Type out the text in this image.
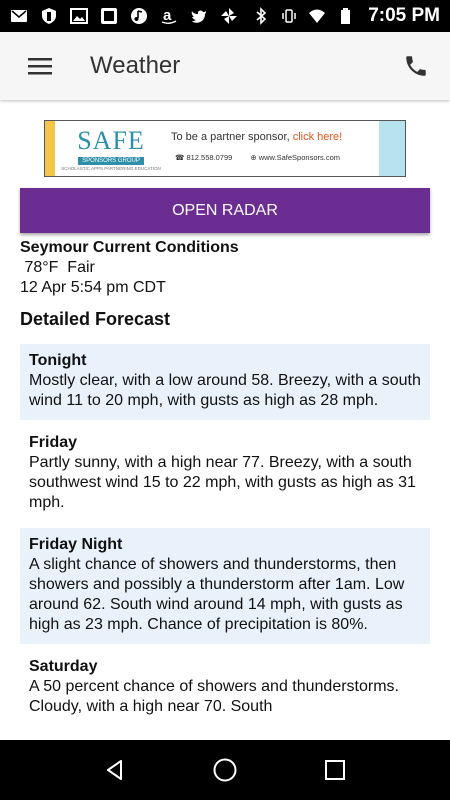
a	7:05 PM
Weather
SAFE
SPONSORS GROUP
SCHOLASTIC APPS PARTNERING EDUCATION
To be a partner sponsor, click here!
☎ 812.558.0799 ⊕ www.SafeSponsors.com
OPEN RADAR
Seymour Current Conditions
78°F  Fair
12 Apr 5:54 pm CDT
Detailed Forecast
Tonight
Mostly clear, with a low around 58. Breezy, with a south wind 11 to 20 mph, with gusts as high as 28 mph.
Friday
Partly sunny, with a high near 77. Breezy, with a south southwest wind 15 to 22 mph, with gusts as high as 31 mph.
Friday Night
A slight chance of showers and thunderstorms, then showers and possibly a thunderstorm after 1am. Low around 62. South wind around 14 mph, with gusts as high as 23 mph. Chance of precipitation is 80%.
Saturday
A 50 percent chance of showers and thunderstorms. Cloudy, with a high near 70. South
